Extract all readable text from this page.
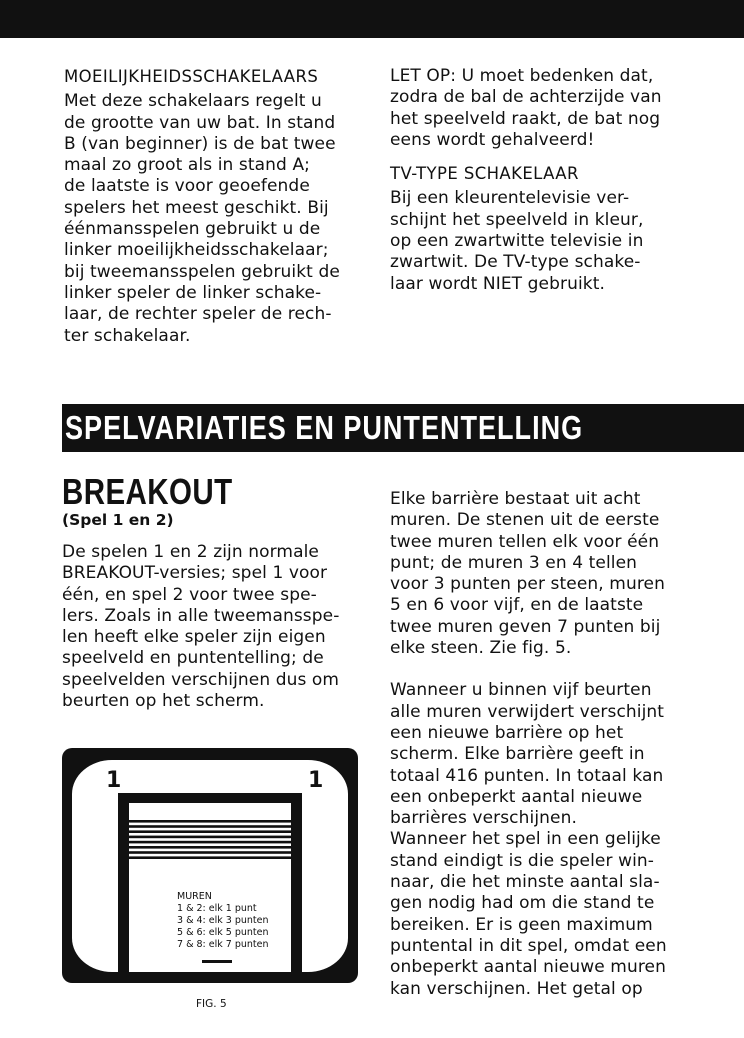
MOEILIJKHEIDSSCHAKELAARS

Met deze schakelaars regelt u
de grootte van uw bat. In stand
B (van beginner) is de bat twee
maal zo groot als in stand A;
de laatste is voor geoefende
spelers het meest geschikt. Bij
éénmansspelen gebruikt u de
linker moeilijkheidsschakelaar;
bij tweemansspelen gebruikt de
linker speler de linker schake-
laar, de rechter speler de rech-
ter schakelaar.

LET OP: U moet bedenken dat,
zodra de bal de achterzijde van
het speelveld raakt, de bat nog
eens wordt gehalveerd!

TV-TYPE SCHAKELAAR

Bij een kleurentelevisie ver-
schijnt het speelveld in kleur,
op een zwartwitte televisie in
zwartwit. De TV-type schake-
laar wordt NIET gebruikt.

SPELVARIATIES EN PUNTENTELLING
BREAKOUT
(Spel 1 en 2)

De spelen 1 en 2 zijn normale
BREAKOUT-versies; spel 1 voor
één, en spel 2 voor twee spe-
lers. Zoals in alle tweemansspe-
len heeft elke speler zijn eigen
speelveld en puntentelling; de
speelvelden verschijnen dus om
beurten op het scherm.

Elke barrière bestaat uit acht
muren. De stenen uit de eerste
twee muren tellen elk voor één
punt; de muren 3 en 4 tellen
voor 3 punten per steen, muren
5 en 6 voor vijf, en de laatste
twee muren geven 7 punten bij
elke steen. Zie fig. 5.

Wanneer u binnen vijf beurten
alle muren verwijdert verschijnt
een nieuwe barrière op het
scherm. Elke barrière geeft in
totaal 416 punten. In totaal kan
een onbeperkt aantal nieuwe
barrières verschijnen.
Wanneer het spel in een gelijke
stand eindigt is die speler win-
naar, die het minste aantal sla-
gen nodig had om die stand te
bereiken. Er is geen maximum
puntental in dit spel, omdat een
onbeperkt aantal nieuwe muren
kan verschijnen. Het getal op

1	1
MUREN
1 & 2: elk 1 punt
3 & 4: elk 3 punten
5 & 6: elk 5 punten
7 & 8: elk 7 punten
FIG. 5
